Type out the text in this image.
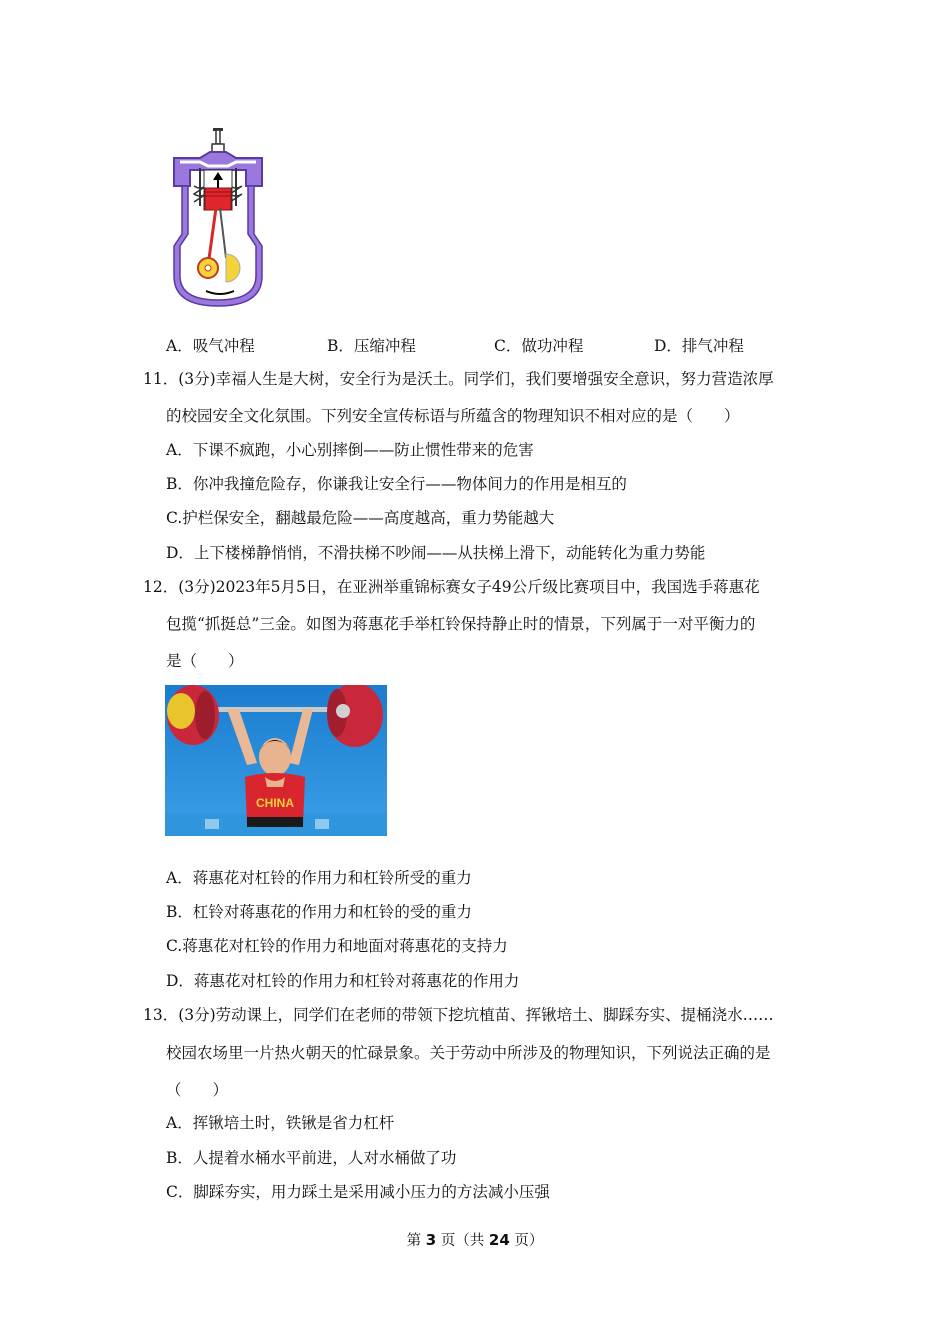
A．吸气冲程	B．压缩冲程	C．做功冲程	D．排气冲程
11．(3分)幸福人生是大树，安全行为是沃土。同学们，我们要增强安全意识，努力营造浓厚
的校园安全文化氛围。下列安全宣传标语与所蕴含的物理知识不相对应的是（　　）
A．下课不疯跑，小心别摔倒——防止惯性带来的危害
B．你冲我撞危险存，你谦我让安全行——物体间力的作用是相互的
C.护栏保安全，翻越最危险——高度越高，重力势能越大
D．上下楼梯静悄悄，不滑扶梯不吵闹——从扶梯上滑下，动能转化为重力势能
12．(3分)2023年5月5日，在亚洲举重锦标赛女子49公斤级比赛项目中，我国选手蒋惠花
包揽“抓挺总”三金。如图为蒋惠花手举杠铃保持静止时的情景，下列属于一对平衡力的
是（　　）
CHINA
A．蒋惠花对杠铃的作用力和杠铃所受的重力
B．杠铃对蒋惠花的作用力和杠铃的受的重力
C.蒋惠花对杠铃的作用力和地面对蒋惠花的支持力
D．蒋惠花对杠铃的作用力和杠铃对蒋惠花的作用力
13．(3分)劳动课上，同学们在老师的带领下挖坑植苗、挥锹培土、脚踩夯实、提桶浇水……
校园农场里一片热火朝天的忙碌景象。关于劳动中所涉及的物理知识，下列说法正确的是
（　　）
A．挥锹培土时，铁锹是省力杠杆
B．人提着水桶水平前进，人对水桶做了功
C．脚踩夯实，用力踩土是采用减小压力的方法减小压强
第 3 页（共 24 页）
